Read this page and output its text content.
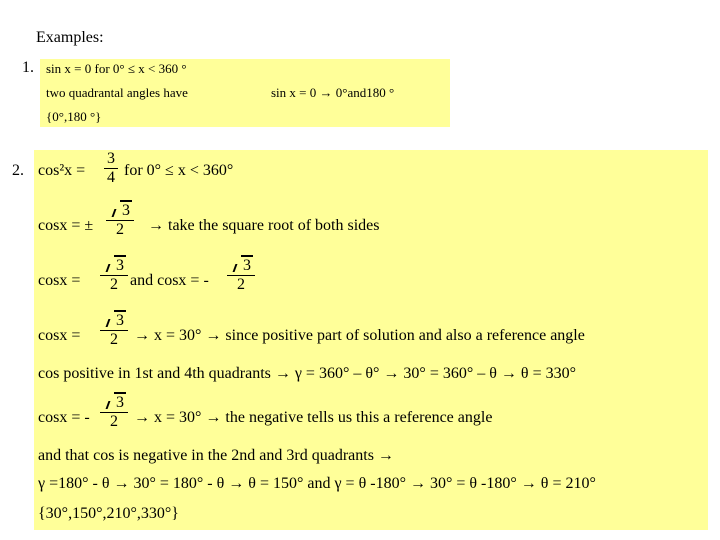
Examples:
1. sin x = 0 for 0° ≤ x < 360 °
two quadrantal angles have	sin x = 0 → 0°and180 °
{0°,180 °}
2. $\cos^2x = \frac{3}{4}$ for 0° ≤ x < 360°
cosx = ± $\frac{3}{2}$ → take the square root of both sides
$\cos x = \frac{3}{2}$ and cosx = - $\frac{3}{2}$
$\cos x = \frac{3}{2} \to x = 30^\circ$ → since positive part of solution and also a reference angle
cos positive in 1st and 4th quadrants → γ = 360° – θ° → 30° = 360° – θ → θ = 330°
cosx = - $\frac{3}{2} \to x = 30^\circ$ → the negative tells us this a reference angle
and that cos is negative in the 2nd and 3rd quadrants →
γ =180° - θ → 30° = 180° - θ → θ = 150° and γ = θ -180° → 30° = θ -180° → θ = 210°
{30°,150°,210°,330°}
